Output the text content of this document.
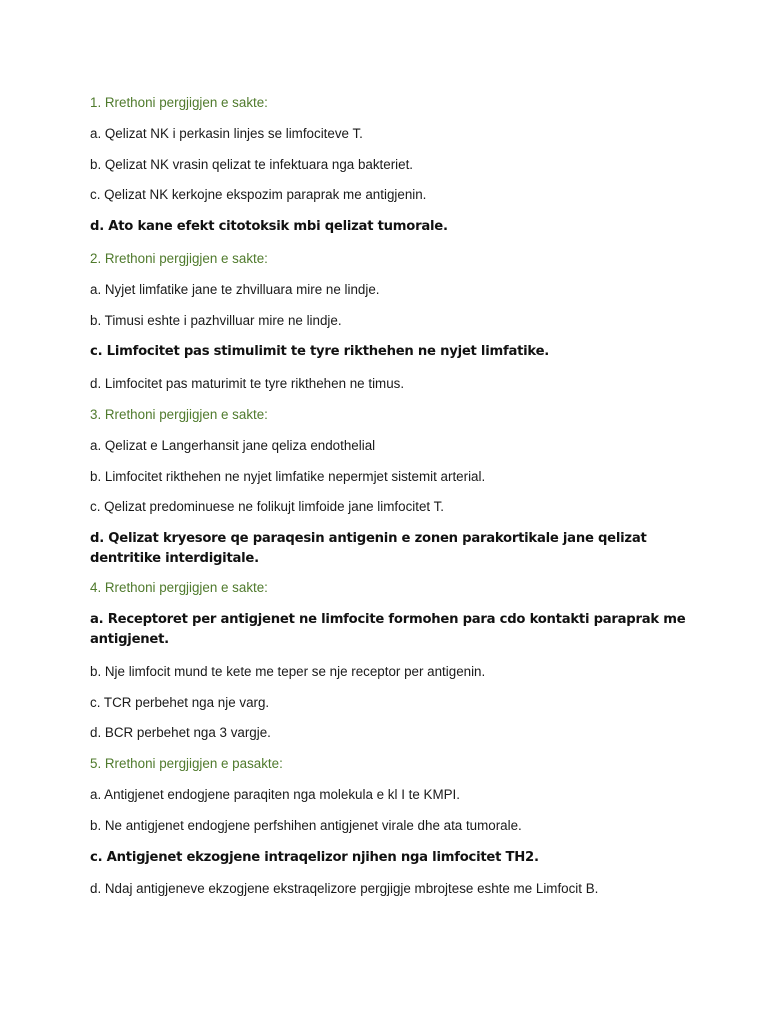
1. Rrethoni pergjigjen e sakte:

a. Qelizat NK i perkasin linjes se limfociteve T.

b. Qelizat NK vrasin qelizat te infektuara nga bakteriet.

c. Qelizat NK kerkojne ekspozim paraprak me antigjenin.

d. Ato kane efekt citotoksik mbi qelizat tumorale.

2. Rrethoni pergjigjen e sakte:

a. Nyjet limfatike jane te zhvilluara mire ne lindje.

b. Timusi eshte i pazhvilluar mire ne lindje.

c. Limfocitet pas stimulimit te tyre rikthehen ne nyjet limfatike.

d. Limfocitet pas maturimit te tyre rikthehen ne timus.

3. Rrethoni pergjigjen e sakte:

a. Qelizat e Langerhansit jane qeliza endothelial

b. Limfocitet rikthehen ne nyjet limfatike nepermjet sistemit arterial.

c. Qelizat predominuese ne folikujt limfoide jane limfocitet T.

d. Qelizat kryesore qe paraqesin antigenin e zonen parakortikale jane qelizat dentritike interdigitale.

4. Rrethoni pergjigjen e sakte:

a. Receptoret per antigjenet ne limfocite formohen para cdo kontakti paraprak me antigjenet.

b. Nje limfocit mund te kete me teper se nje receptor per antigenin.

c. TCR perbehet nga nje varg.

d. BCR perbehet nga 3 vargje.

5. Rrethoni pergjigjen e pasakte:

a. Antigjenet endogjene paraqiten nga molekula e kl I te KMPI.

b. Ne antigjenet endogjene perfshihen antigjenet virale dhe ata tumorale.

c. Antigjenet ekzogjene intraqelizor njihen nga limfocitet TH2.

d. Ndaj antigjeneve ekzogjene ekstraqelizore pergjigje mbrojtese eshte me Limfocit B.
